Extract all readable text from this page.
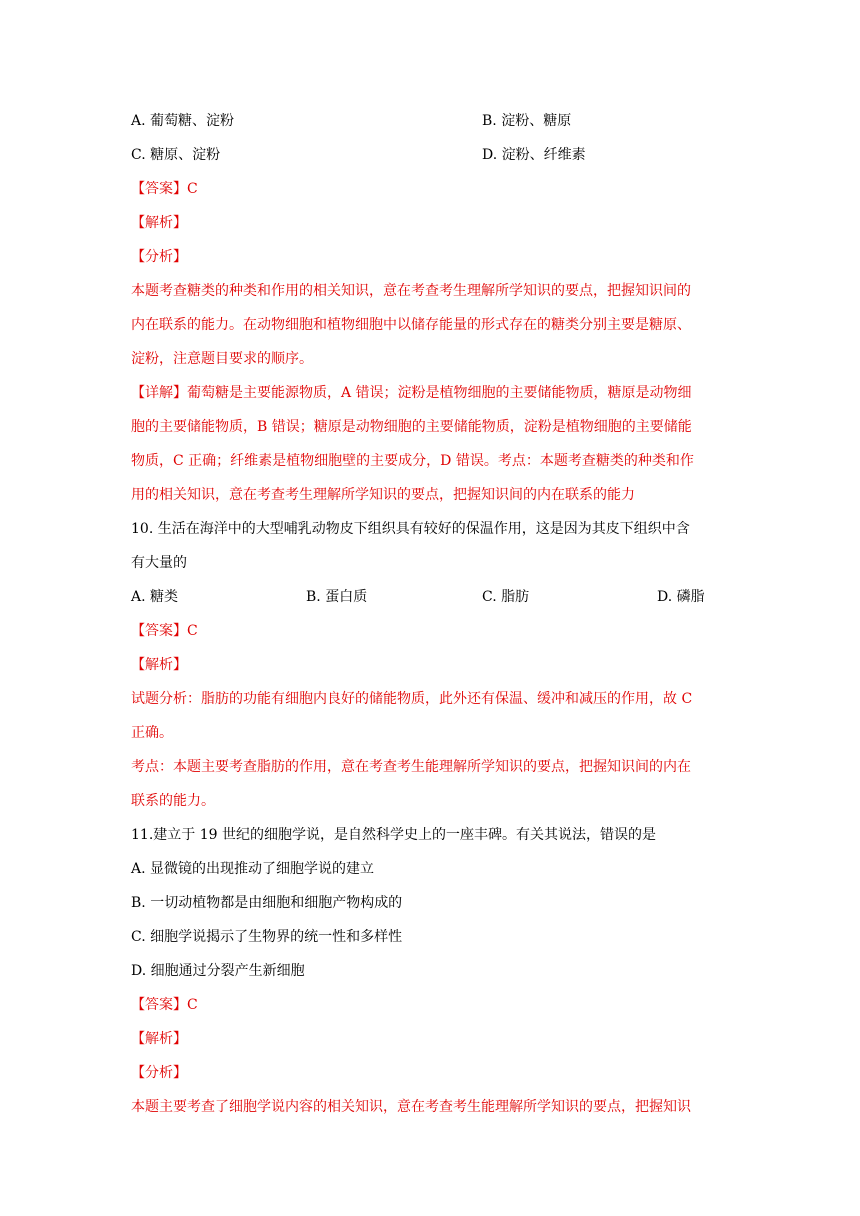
A. 葡萄糖、淀粉	B. 淀粉、糖原
C. 糖原、淀粉	D. 淀粉、纤维素
【答案】C
【解析】
【分析】
本题考查糖类的种类和作用的相关知识，意在考查考生理解所学知识的要点，把握知识间的
内在联系的能力。在动物细胞和植物细胞中以储存能量的形式存在的糖类分别主要是糖原、
淀粉，注意题目要求的顺序。
【详解】葡萄糖是主要能源物质，A 错误；淀粉是植物细胞的主要储能物质，糖原是动物细
胞的主要储能物质，B 错误；糖原是动物细胞的主要储能物质，淀粉是植物细胞的主要储能
物质，C 正确；纤维素是植物细胞壁的主要成分，D 错误。考点：本题考查糖类的种类和作
用的相关知识，意在考查考生理解所学知识的要点，把握知识间的内在联系的能力
10. 生活在海洋中的大型哺乳动物皮下组织具有较好的保温作用，这是因为其皮下组织中含
有大量的
A. 糖类	B. 蛋白质	C. 脂肪	D. 磷脂
【答案】C
【解析】
试题分析：脂肪的功能有细胞内良好的储能物质，此外还有保温、缓冲和减压的作用，故 C
正确。
考点：本题主要考查脂肪的作用，意在考查考生能理解所学知识的要点，把握知识间的内在
联系的能力。
11.建立于 19 世纪的细胞学说，是自然科学史上的一座丰碑。有关其说法，错误的是
A. 显微镜的出现推动了细胞学说的建立
B. 一切动植物都是由细胞和细胞产物构成的
C. 细胞学说揭示了生物界的统一性和多样性
D. 细胞通过分裂产生新细胞
【答案】C
【解析】
【分析】
本题主要考查了细胞学说内容的相关知识，意在考查考生能理解所学知识的要点，把握知识
